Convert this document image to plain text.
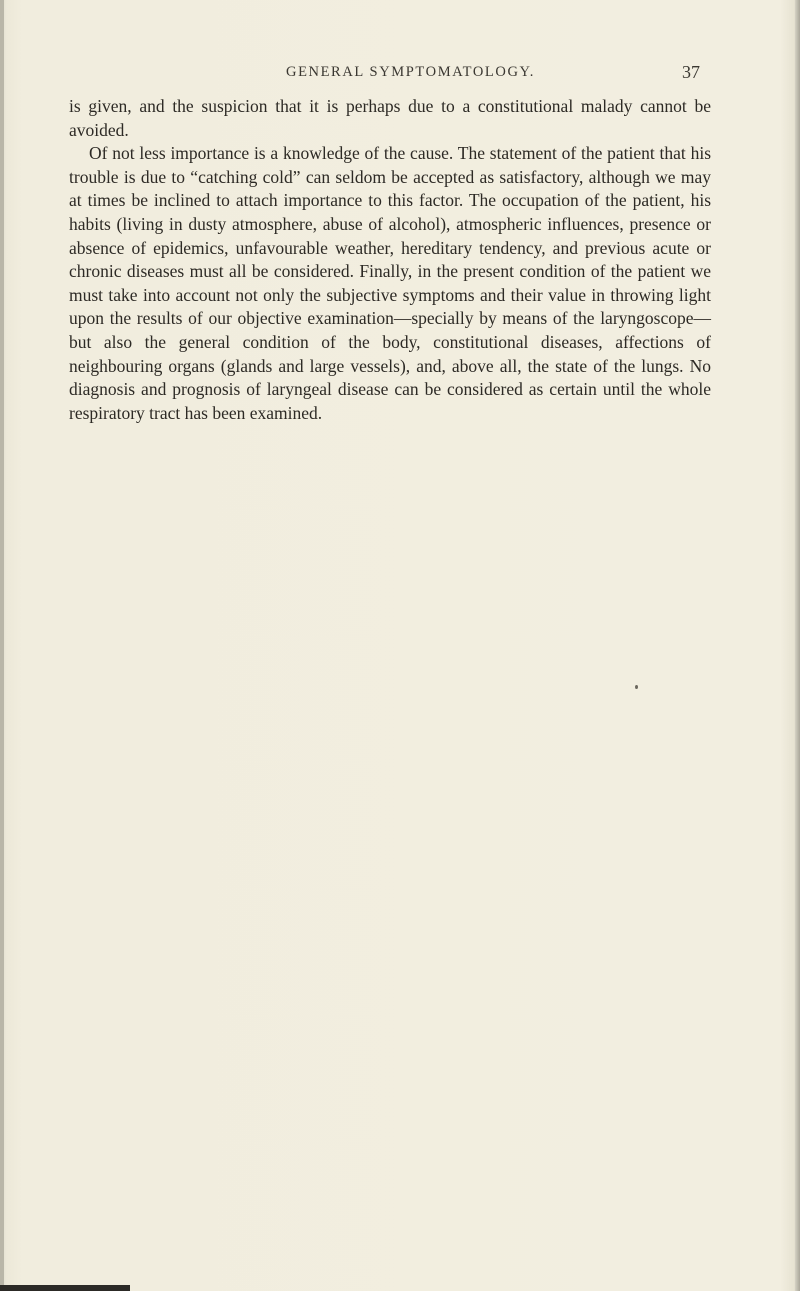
GENERAL SYMPTOMATOLOGY.	37

is given, and the suspicion that it is perhaps due to a constitutional malady cannot be avoided.

Of not less importance is a knowledge of the cause. The statement of the patient that his trouble is due to “catching cold” can seldom be accepted as satisfactory, although we may at times be inclined to attach importance to this factor. The occupation of the patient, his habits (living in dusty atmosphere, abuse of alcohol), atmospheric influences, presence or absence of epidemics, unfavourable weather, hereditary tendency, and previous acute or chronic diseases must all be considered. Finally, in the present condition of the patient we must take into account not only the subjective symptoms and their value in throwing light upon the results of our objective examination—specially by means of the laryngoscope—but also the general condition of the body, constitutional diseases, affections of neighbouring organs (glands and large vessels), and, above all, the state of the lungs. No diagnosis and prognosis of laryngeal disease can be considered as certain until the whole respiratory tract has been examined.
